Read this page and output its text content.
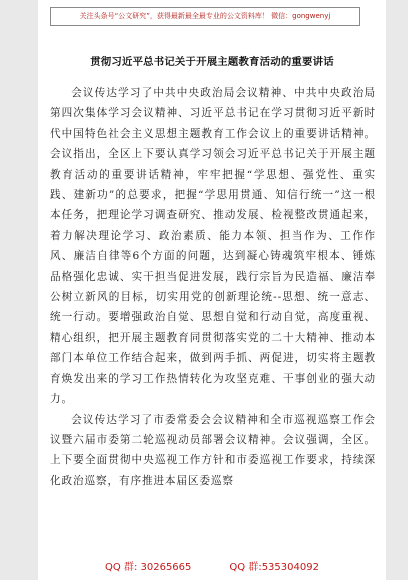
关注头条号“公文研究”，获得最新最全最专业的公文资料库！ 微信：gongwenyj
贯彻习近平总书记关于开展主题教育活动的重要讲话

会议传达学习了中共中央政治局会议精神、中共中央政治局第四次集体学习会议精神、习近平总书记在学习贯彻习近平新时代中国特色社会主义思想主题教育工作会议上的重要讲话精神。会议指出，全区上下要认真学习领会习近平总书记关于开展主题教育活动的重要讲话精神，牢牢把握“学思想、强党性、重实践、建新功”的总要求，把握“学思用贯通、知信行统一”这一根本任务，把理论学习调查研究、推动发展、检视整改贯通起来，着力解决理论学习、政治素质、能力本领、担当作为、工作作风、廉洁自律等6个方面的问题，达到凝心铸魂筑牢根本、锤炼品格强化忠诚、实干担当促进发展，践行宗旨为民造福、廉洁奉公树立新风的目标，切实用党的创新理论统--思想、统一意志、统一行动。要增强政治自觉、思想自觉和行动自觉，高度重视、精心组织，把开展主题教育同贯彻落实党的二十大精神、推动本部门本单位工作结合起来，做到两手抓、两促进，切实将主题教育焕发出来的学习工作热情转化为攻坚克难、干事创业的强大动力。

会议传达学习了市委常委会会议精神和全市巡视巡察工作会议暨六届市委第二轮巡视动员部署会议精神。会议强调，全区。上下要全面贯彻中央巡视工作方针和市委巡视工作要求，持续深化政治巡察，有序推进本届区委巡察

QQ 群: 30265665	QQ 群:535304092
